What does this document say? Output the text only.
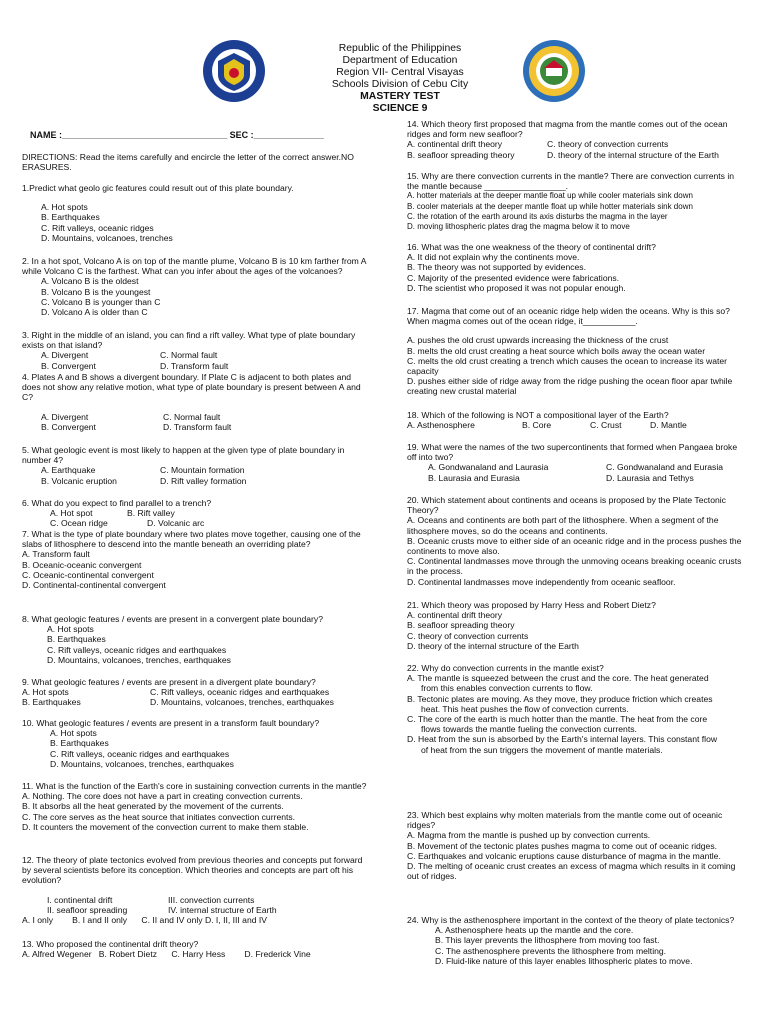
Republic of the Philippines
Department of Education
Region VII- Central Visayas
Schools Division of Cebu City
MASTERY TEST
SCIENCE 9
NAME :_________________________________ SEC :______________
DIRECTIONS: Read the items carefully and encircle the letter of the correct answer.NO ERASURES.

1.Predict what geolo gic features could result out of this plate boundary.

A. Hot spots

B. Earthquakes

C. Rift valleys, oceanic ridges

D. Mountains, volcanoes, trenches

2. In a hot spot, Volcano A is on top of the mantle plume, Volcano B is 10 km farther from A while Volcano C is the farthest. What can you infer about the ages of the volcanoes?

A. Volcano B is the oldest

B. Volcano B is the youngest

C. Volcano B is younger than C

D. Volcano A is older than C

3. Right in the middle of an island, you can find a rift valley. What type of plate boundary exists on that island?

A. Divergent	C. Normal fault

B. Convergent	D. Transform fault

4. Plates A and B shows a divergent boundary. If Plate C is adjacent to both plates and does not show any relative motion, what type of plate boundary is present between A and C?

A. Divergent	C. Normal fault

B. Convergent	D. Transform fault

5. What geologic event is most likely to happen at the given type of plate boundary in number 4?

A. Earthquake	C. Mountain formation

B. Volcanic eruption	D. Rift valley formation

6. What do you expect to find parallel to a trench?

A. Hot spot	B. Rift valley

C. Ocean ridge	D. Volcanic arc

7. What is the type of plate boundary where two plates move together, causing one of the slabs of lithosphere to descend into the mantle beneath an overriding plate?

A. Transform fault

B. Oceanic-oceanic convergent

C. Oceanic-continental convergent

D. Continental-continental convergent

8. What geologic features / events are present in a convergent plate boundary?

A. Hot spots

B. Earthquakes

C. Rift valleys, oceanic ridges and earthquakes

D. Mountains, volcanoes, trenches, earthquakes

9. What geologic features / events are present in a divergent plate boundary?

A. Hot spots	C. Rift valleys, oceanic ridges and earthquakes

B. Earthquakes	D. Mountains, volcanoes, trenches, earthquakes

10. What geologic features / events are present in a transform fault boundary?

A. Hot spots

B. Earthquakes

C. Rift valleys, oceanic ridges and earthquakes

D. Mountains, volcanoes, trenches, earthquakes

11. What is the function of the Earth's core in sustaining convection currents in the mantle?

A. Nothing. The core does not have a part in creating convection currents.

B. It absorbs all the heat generated by the movement of the currents.

C. The core serves as the heat source that initiates convection currents.

D. It counters the movement of the convection current to make them stable.

12. The theory of plate tectonics evolved from previous theories and concepts put forward by several scientists before its conception. Which theories and concepts are part oft his evolution?

I. continental drift	III. convection currents

II. seafloor spreading	IV. internal structure of Earth

A. I only        B. I and II only      C. II and IV only D. I, II, III and IV

13. Who proposed the continental drift theory?

A. Alfred Wegener   B. Robert Dietz      C. Harry Hess        D. Frederick Vine

14. Which theory first proposed that magma from the mantle comes out of the ocean ridges and form new seafloor?

A. continental drift theory	C. theory of convection currents

B. seafloor spreading theory	D. theory of the internal structure of the Earth

15. Why are there convection currents in the mantle? There are convection currents in the mantle because _________________.

A. hotter materials at the deeper mantle float up while cooler materials sink down

B. cooler materials at the deeper mantle float up while hotter materials sink down

C. the rotation of the earth around its axis disturbs the magma in the layer

D. moving lithospheric plates drag the magma below it to move

16. What was the one weakness of the theory of continental drift?

A. It did not explain why the continents move.

B. The theory was not supported by evidences.

C. Majority of the presented evidence were fabrications.

D. The scientist who proposed it was not popular enough.

17. Magma that come out of an oceanic ridge help widen the oceans. Why is this so? When magma comes out of the ocean ridge, it___________.

A. pushes the old crust upwards increasing the thickness of the crust

B. melts the old crust creating a heat source which boils away the ocean water

C. melts the old crust creating a trench which causes the ocean to increase its water capacity

D. pushes either side of ridge away from the ridge pushing the ocean floor apar twhile creating new crustal material

18. Which of the following is NOT a compositional layer of the Earth?

A. Asthenosphere	B. Core	C. Crust	D. Mantle

19. What were the names of the two supercontinents that formed when Pangaea broke off into two?

A. Gondwanaland and Laurasia	C. Gondwanaland and Eurasia

B. Laurasia and Eurasia	D. Laurasia and Tethys

20. Which statement about continents and oceans is proposed by the Plate Tectonic Theory?

A. Oceans and continents are both part of the lithosphere. When a segment of the lithosphere moves, so do the oceans and continents.

B. Oceanic crusts move to either side of an oceanic ridge and in the process pushes the continents to move also.

C. Continental landmasses move through the unmoving oceans breaking oceanic crusts in the process.

D. Continental landmasses move independently from oceanic seafloor.

21. Which theory was proposed by Harry Hess and Robert Dietz?

A. continental drift theory

B. seafloor spreading theory

C. theory of convection currents

D. theory of the internal structure of the Earth

22. Why do convection currents in the mantle exist?

A. The mantle is squeezed between the crust and the core. The heat generated

from this enables convection currents to flow.

B. Tectonic plates are moving. As they move, they produce friction which creates

heat. This heat pushes the flow of convection currents.

C. The core of the earth is much hotter than the mantle. The heat from the core

flows towards the mantle fueling the convection currents.

D. Heat from the sun is absorbed by the Earth's internal layers. This constant flow

of heat from the sun triggers the movement of mantle materials.

23. Which best explains why molten materials from the mantle come out of oceanic ridges?

A. Magma from the mantle is pushed up by convection currents.

B. Movement of the tectonic plates pushes magma to come out of oceanic ridges.

C. Earthquakes and volcanic eruptions cause disturbance of magma in the mantle.

D. The melting of oceanic crust creates an excess of magma which results in it coming out of ridges.

24. Why is the asthenosphere important in the context of the theory of plate tectonics?

A. Asthenosphere heats up the mantle and the core.

B. This layer prevents the lithosphere from moving too fast.

C. The asthenosphere prevents the lithosphere from melting.

D. Fluid-like nature of this layer enables lithospheric plates to move.
